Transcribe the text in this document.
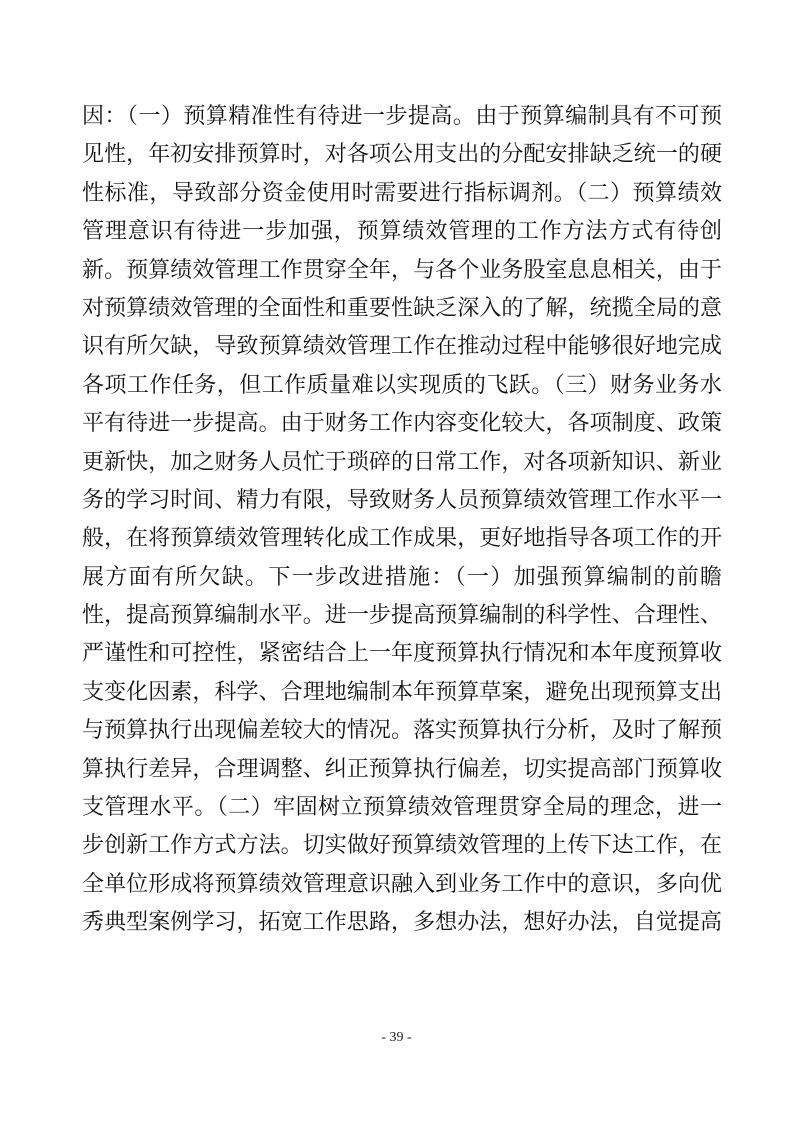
因：（一）预算精准性有待进一步提高。由于预算编制具有不可预
见性，年初安排预算时，对各项公用支出的分配安排缺乏统一的硬
性标准，导致部分资金使用时需要进行指标调剂。（二）预算绩效
管理意识有待进一步加强，预算绩效管理的工作方法方式有待创
新。预算绩效管理工作贯穿全年，与各个业务股室息息相关，由于
对预算绩效管理的全面性和重要性缺乏深入的了解，统揽全局的意
识有所欠缺，导致预算绩效管理工作在推动过程中能够很好地完成
各项工作任务，但工作质量难以实现质的飞跃。（三）财务业务水
平有待进一步提高。由于财务工作内容变化较大，各项制度、政策
更新快，加之财务人员忙于琐碎的日常工作，对各项新知识、新业
务的学习时间、精力有限，导致财务人员预算绩效管理工作水平一
般，在将预算绩效管理转化成工作成果，更好地指导各项工作的开
展方面有所欠缺。下一步改进措施：（一）加强预算编制的前瞻
性，提高预算编制水平。进一步提高预算编制的科学性、合理性、
严谨性和可控性，紧密结合上一年度预算执行情况和本年度预算收
支变化因素，科学、合理地编制本年预算草案，避免出现预算支出
与预算执行出现偏差较大的情况。落实预算执行分析，及时了解预
算执行差异，合理调整、纠正预算执行偏差，切实提高部门预算收
支管理水平。（二）牢固树立预算绩效管理贯穿全局的理念，进一
步创新工作方式方法。切实做好预算绩效管理的上传下达工作，在
全单位形成将预算绩效管理意识融入到业务工作中的意识，多向优
秀典型案例学习，拓宽工作思路，多想办法，想好办法，自觉提高
- 39 -
